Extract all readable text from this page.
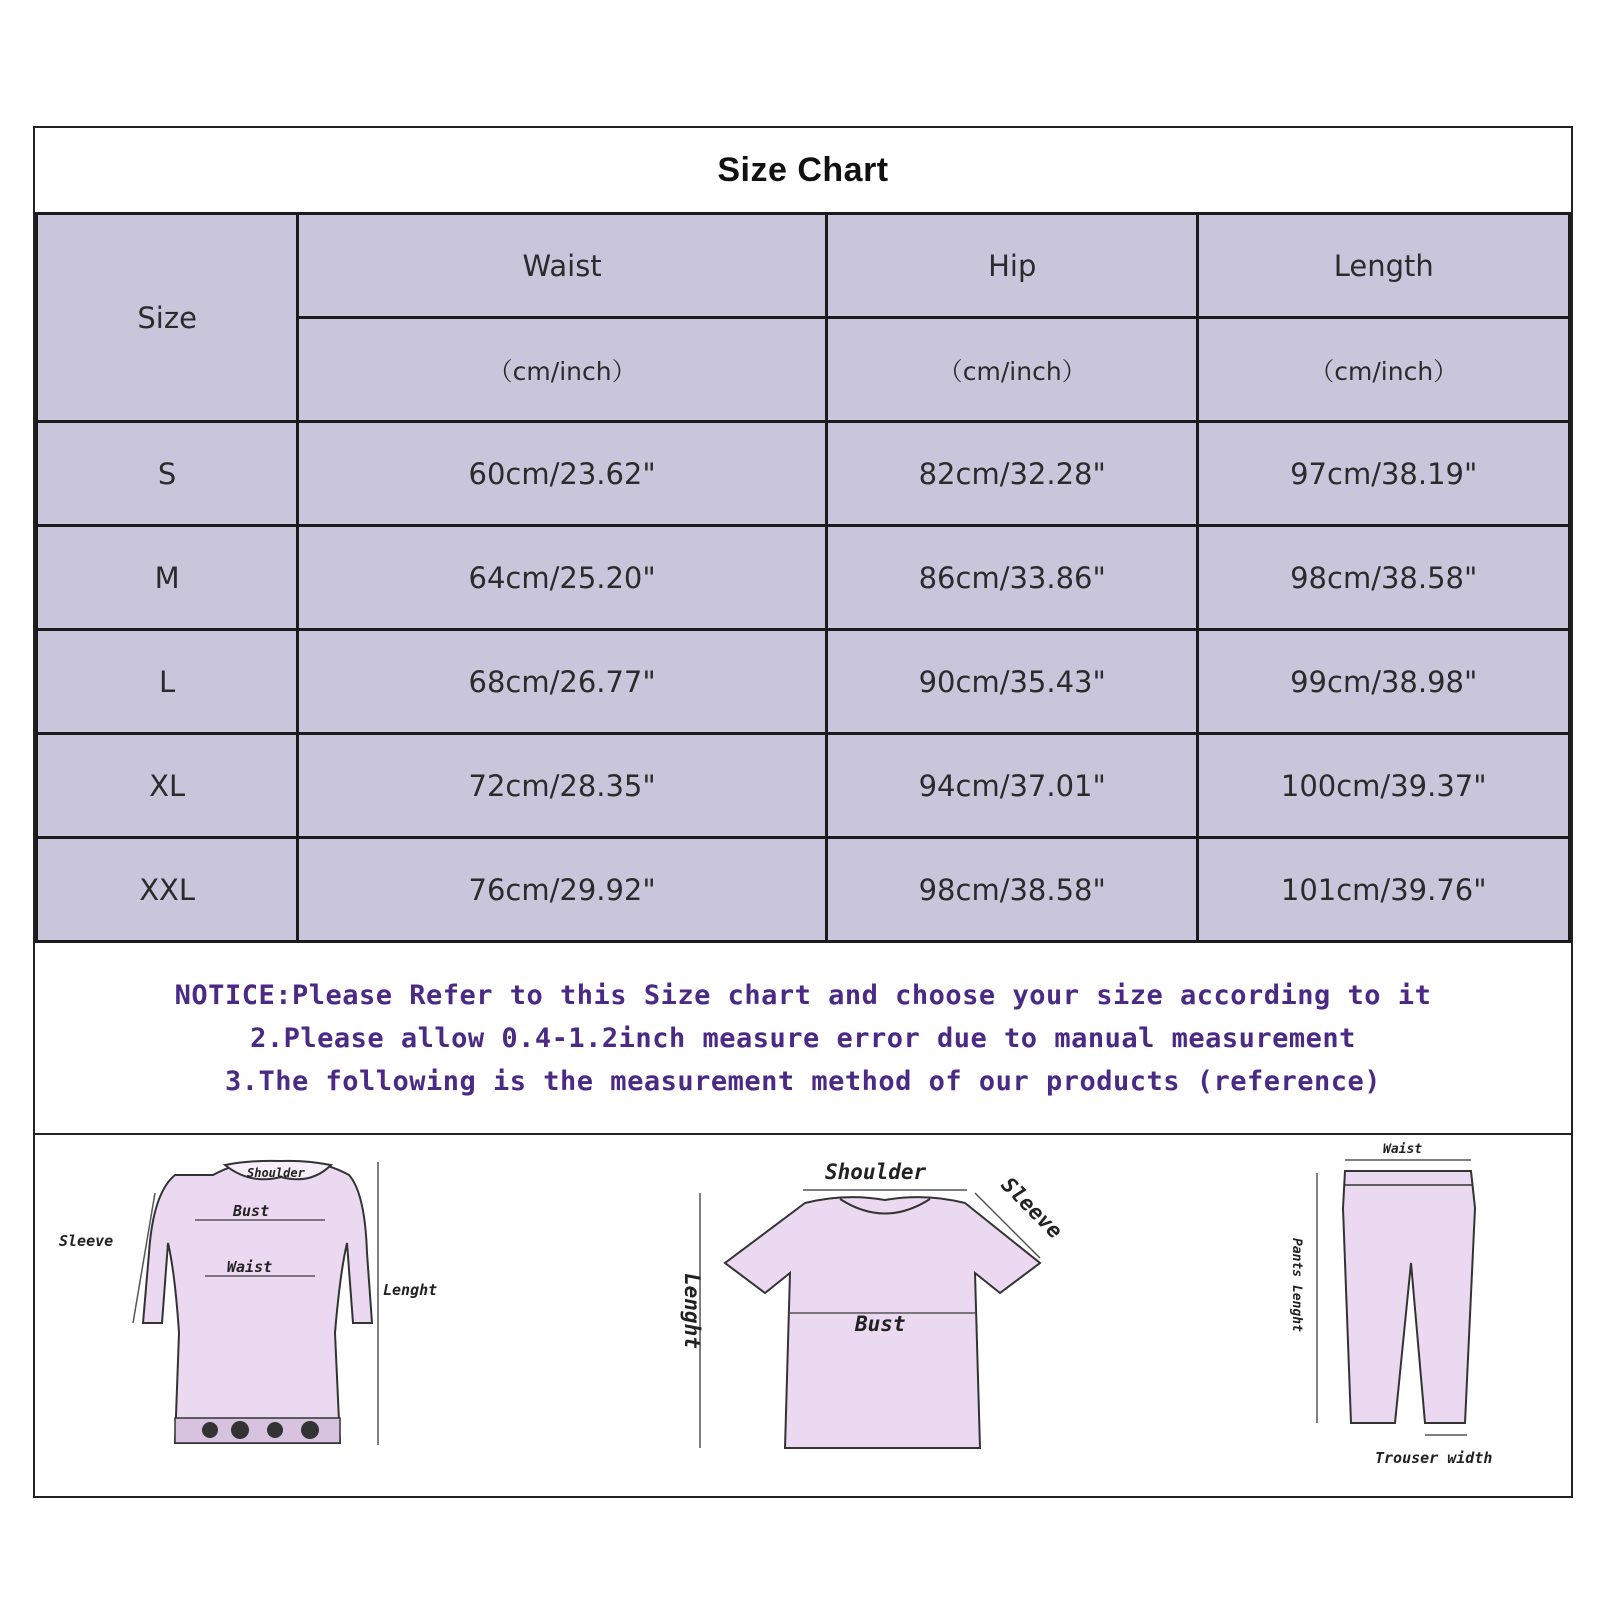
Size Chart
Size	Waist	Hip	Length
	（cm/inch）	（cm/inch）	（cm/inch）
S	60cm/23.62"	82cm/32.28"	97cm/38.19"
M	64cm/25.20"	86cm/33.86"	98cm/38.58"
L	68cm/26.77"	90cm/35.43"	99cm/38.98"
XL	72cm/28.35"	94cm/37.01"	100cm/39.37"
XXL	76cm/29.92"	98cm/38.58"	101cm/39.76"
NOTICE:Please Refer to this Size chart and choose your size according to it
2.Please allow 0.4-1.2inch measure error due to manual measurement
3.The following is the measurement method of our products (reference)
Shoulder
Bust
Sleeve
Waist
Lenght
Shoulder
Sleeve
Lenght	Bust
Waist
Pants Lenght
Trouser width
